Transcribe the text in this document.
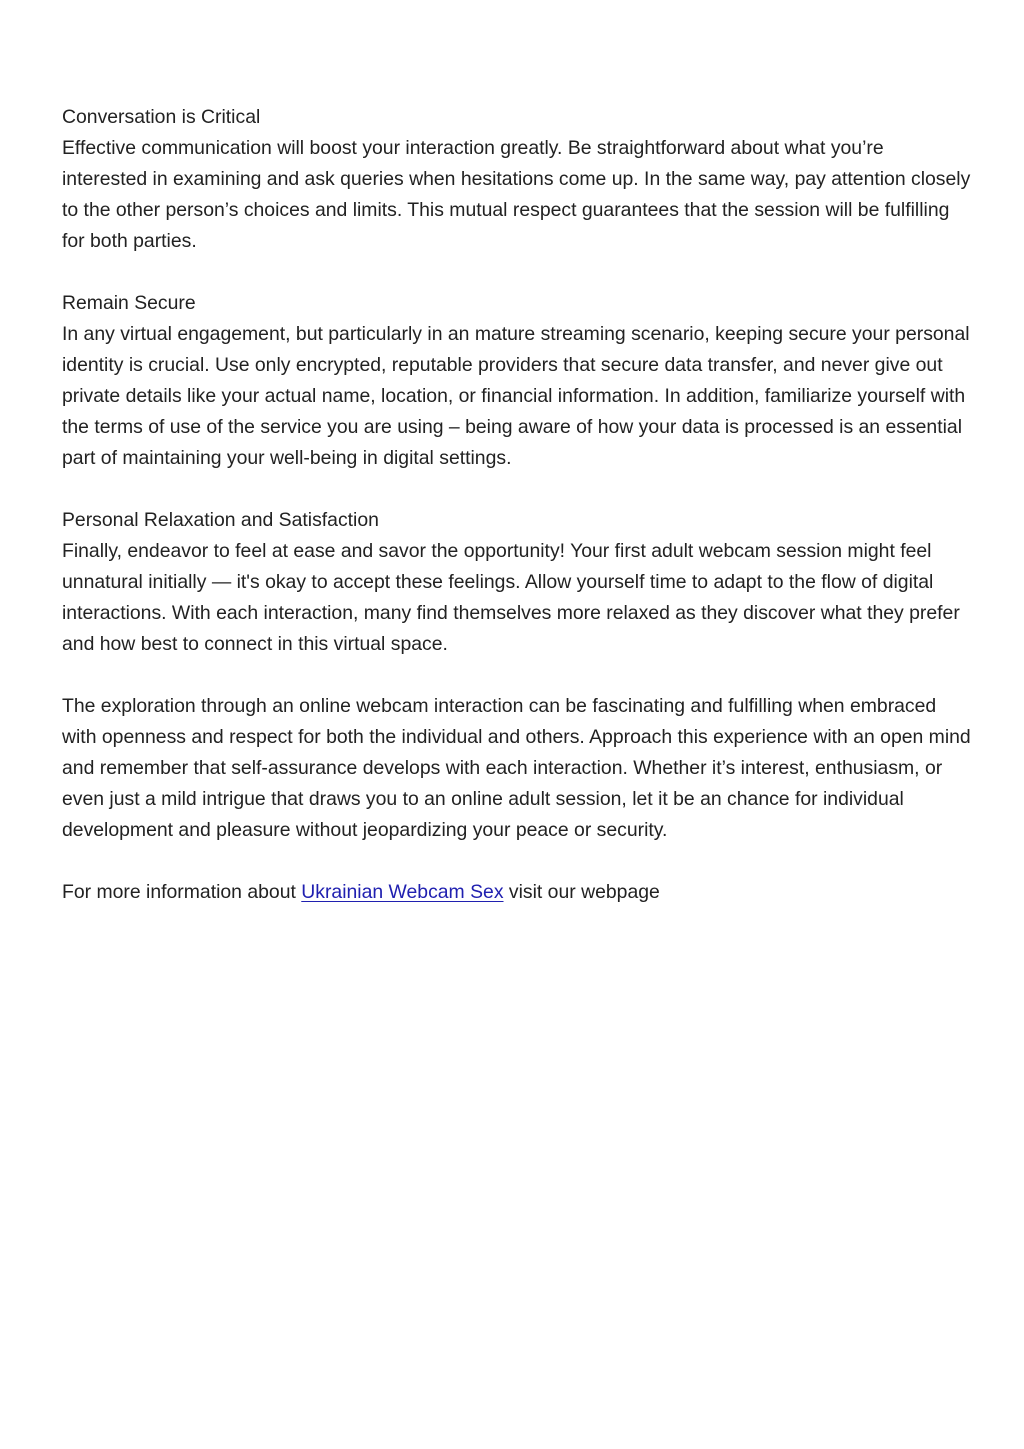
Conversation is Critical

Effective communication will boost your interaction greatly. Be straightforward about what you’re interested in examining and ask queries when hesitations come up. In the same way, pay attention closely to the other person’s choices and limits. This mutual respect guarantees that the session will be fulfilling for both parties.

Remain Secure

In any virtual engagement, but particularly in an mature streaming scenario, keeping secure your personal identity is crucial. Use only encrypted, reputable providers that secure data transfer, and never give out private details like your actual name, location, or financial information. In addition, familiarize yourself with the terms of use of the service you are using – being aware of how your data is processed is an essential part of maintaining your well-being in digital settings.

Personal Relaxation and Satisfaction

Finally, endeavor to feel at ease and savor the opportunity! Your first adult webcam session might feel unnatural initially — it's okay to accept these feelings. Allow yourself time to adapt to the flow of digital interactions. With each interaction, many find themselves more relaxed as they discover what they prefer and how best to connect in this virtual space.

The exploration through an online webcam interaction can be fascinating and fulfilling when embraced with openness and respect for both the individual and others. Approach this experience with an open mind and remember that self-assurance develops with each interaction. Whether it’s interest, enthusiasm, or even just a mild intrigue that draws you to an online adult session, let it be an chance for individual development and pleasure without jeopardizing your peace or security.

For more information about Ukrainian Webcam Sex visit our webpage
